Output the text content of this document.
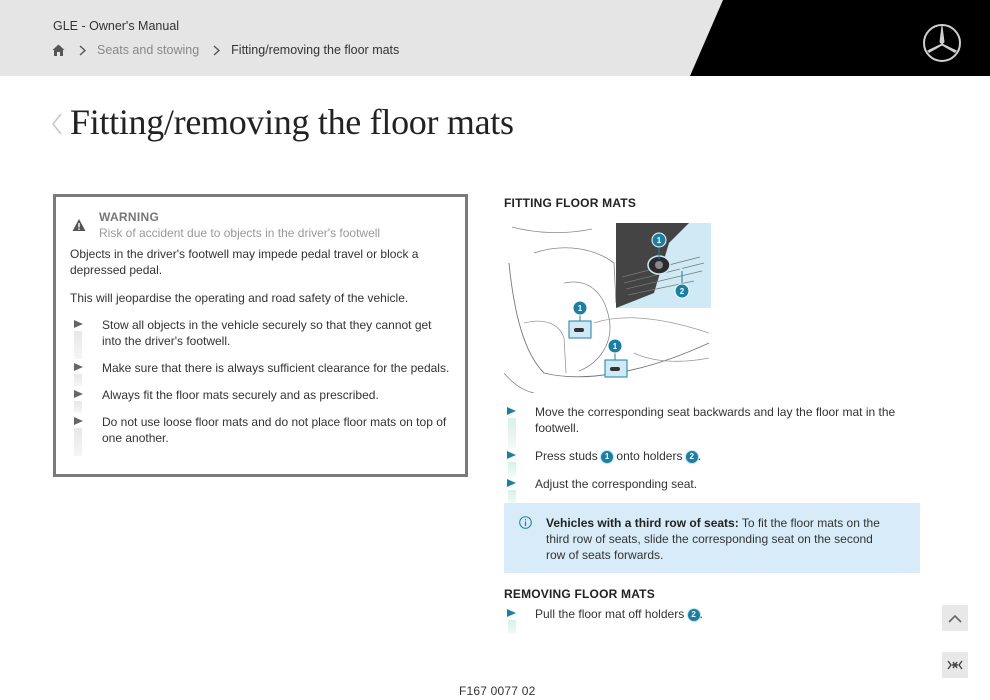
GLE - Owner's Manual
Seats and stowing	Fitting/removing the floor mats
Fitting/removing the floor mats
WARNING
Risk of accident due to objects in the driver's footwell
Objects in the driver's footwell may impede pedal travel or block a depressed pedal.
This will jeopardise the operating and road safety of the vehicle.
Stow all objects in the vehicle securely so that they cannot get into the driver's footwell.
Make sure that there is always sufficient clearance for the pedals.
Always fit the floor mats securely and as prescribed.
Do not use loose floor mats and do not place floor mats on top of one another.
FITTING FLOOR MATS
1
2
1
1
Move the corresponding seat backwards and lay the floor mat in the footwell.
Press studs 1 onto holders 2 .
Adjust the corresponding seat.
Vehicles with a third row of seats: To fit the floor mats on the third row of seats, slide the corresponding seat on the second row of seats forwards.
REMOVING FLOOR MATS
Pull the floor mat off holders 2 .
F167 0077 02
